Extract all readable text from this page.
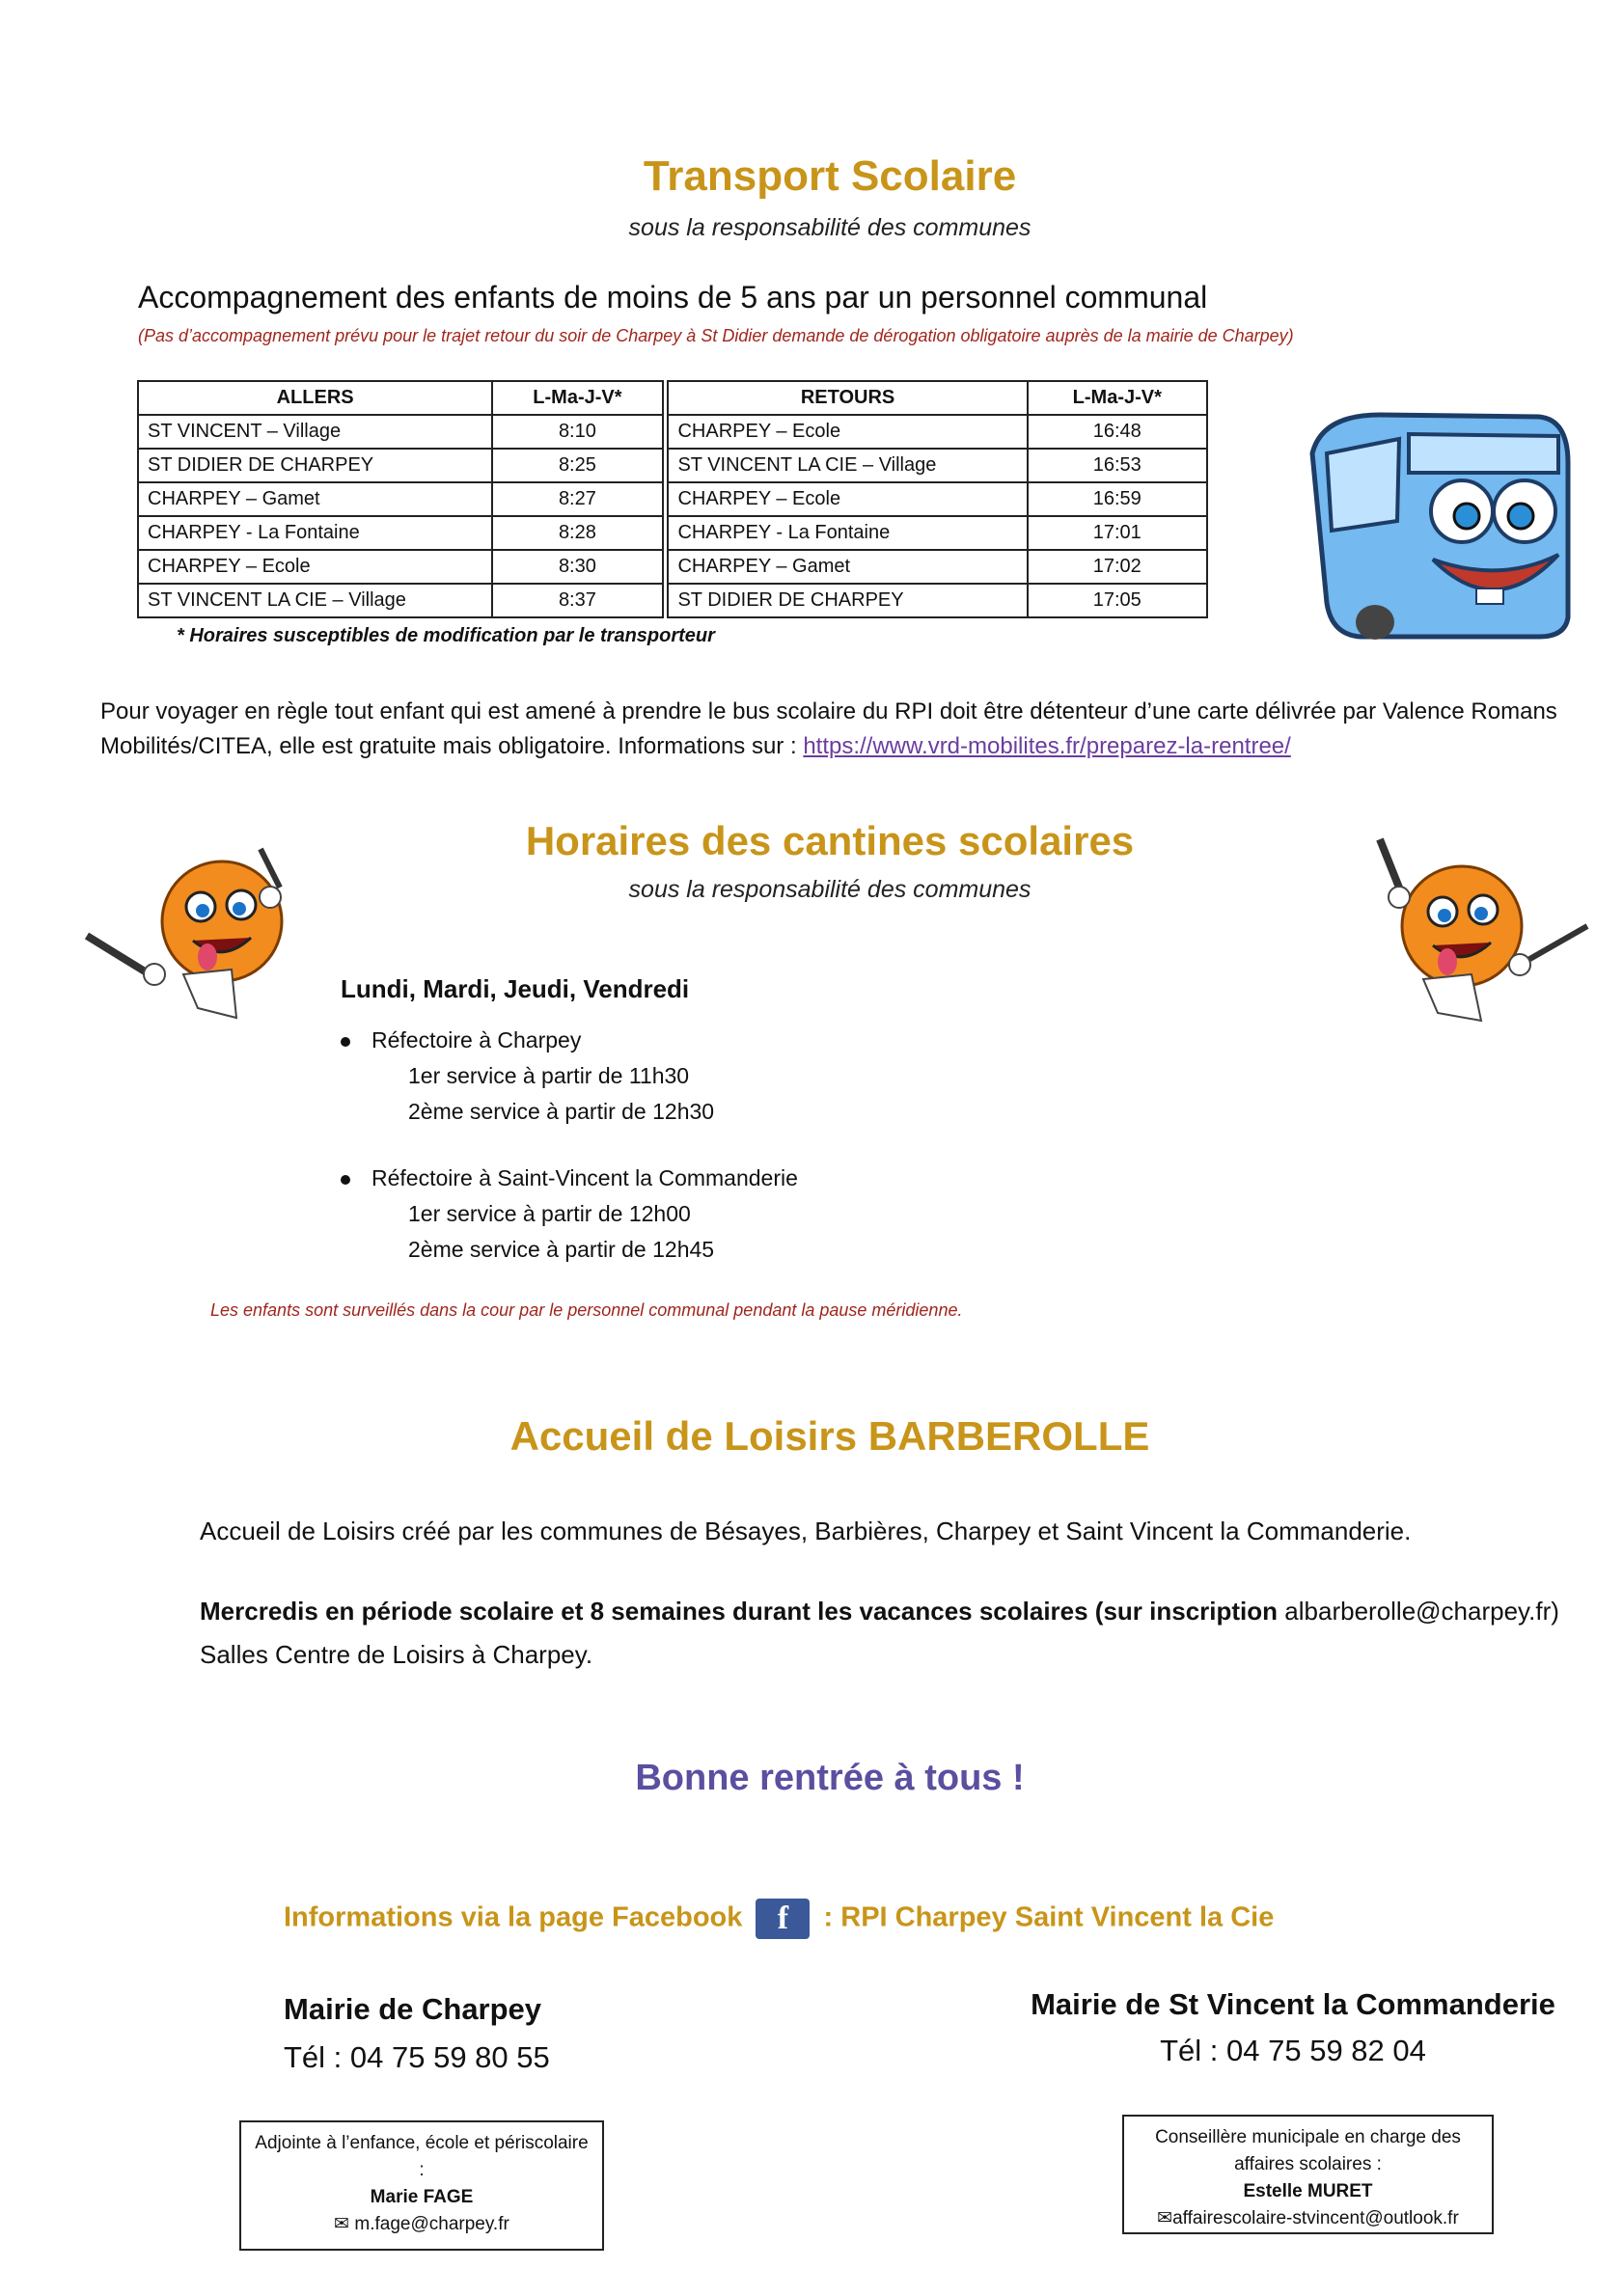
Transport Scolaire
sous la responsabilité des communes
Accompagnement des enfants de moins de 5 ans par un personnel communal
(Pas d’accompagnement prévu pour le trajet retour du soir de Charpey à St Didier demande de dérogation obligatoire auprès de la mairie de Charpey)
ALLERS	L-Ma-J-V*		RETOURS	L-Ma-J-V*
ST VINCENT – Village	8:10		CHARPEY – Ecole	16:48
ST DIDIER DE CHARPEY	8:25		ST VINCENT LA CIE – Village	16:53
CHARPEY – Gamet	8:27		CHARPEY – Ecole	16:59
CHARPEY - La Fontaine	8:28		CHARPEY - La Fontaine	17:01
CHARPEY – Ecole	8:30		CHARPEY – Gamet	17:02
ST VINCENT LA CIE – Village	8:37		ST DIDIER DE CHARPEY	17:05
* Horaires susceptibles de modification par le transporteur
Pour voyager en règle tout enfant qui est amené à prendre le bus scolaire du RPI doit être détenteur d’une carte délivrée par Valence Romans Mobilités/CITEA, elle est gratuite mais obligatoire. Informations sur : https://www.vrd-mobilites.fr/preparez-la-rentree/
Horaires des cantines scolaires
sous la responsabilité des communes
Lundi, Mardi, Jeudi, Vendredi
Réfectoire à Charpey
1er service à partir de 11h30
2ème service à partir de 12h30
Réfectoire à Saint-Vincent la Commanderie
1er service à partir de 12h00
2ème service à partir de 12h45
Les enfants sont surveillés dans la cour par le personnel communal pendant la pause méridienne.
Accueil de Loisirs BARBEROLLE
Accueil de Loisirs créé par les communes de Bésayes, Barbières, Charpey et Saint Vincent la Commanderie.
Mercredis en période scolaire et 8 semaines durant les vacances scolaires (sur inscription albarberolle@charpey.fr)
Salles Centre de Loisirs à Charpey.
Bonne rentrée à tous !
Informations via la page Facebook f : RPI Charpey Saint Vincent la Cie
Mairie de Charpey
Tél : 04 75 59 80 55
Mairie de St Vincent la Commanderie
Tél : 04 75 59 82 04
Adjointe à l’enfance, école et périscolaire :
Marie FAGE
✉ m.fage@charpey.fr
Conseillère municipale en charge des affaires scolaires :
Estelle MURET
✉affairescolaire-stvincent@outlook.fr
